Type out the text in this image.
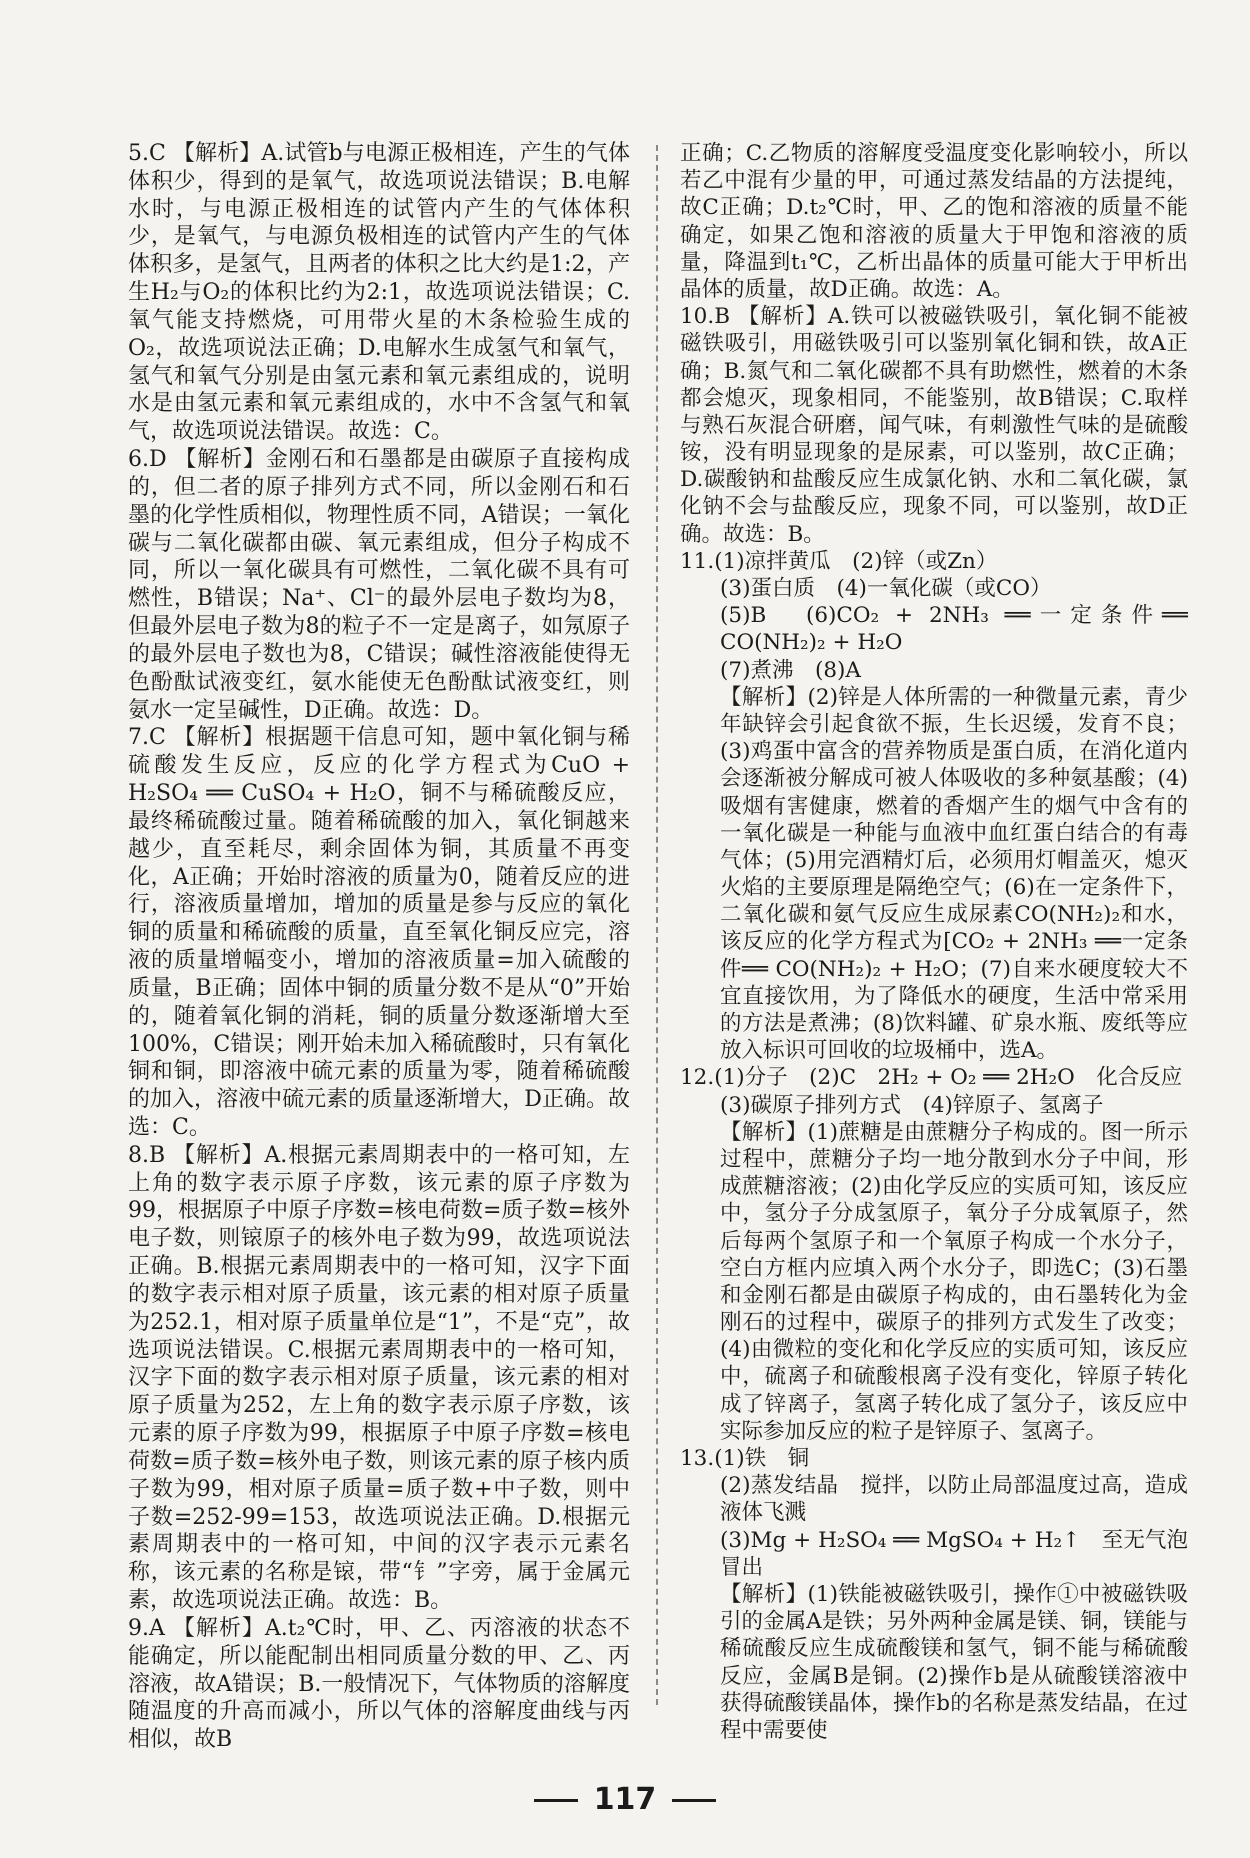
5.C 【解析】A.试管b与电源正极相连，产生的气体体积少，得到的是氧气，故选项说法错误；B.电解水时，与电源正极相连的试管内产生的气体体积少，是氧气，与电源负极相连的试管内产生的气体体积多，是氢气，且两者的体积之比大约是1:2，产生H₂与O₂的体积比约为2:1，故选项说法错误；C.氧气能支持燃烧，可用带火星的木条检验生成的O₂，故选项说法正确；D.电解水生成氢气和氧气，氢气和氧气分别是由氢元素和氧元素组成的，说明水是由氢元素和氧元素组成的，水中不含氢气和氧气，故选项说法错误。故选：C。

6.D 【解析】金刚石和石墨都是由碳原子直接构成的，但二者的原子排列方式不同，所以金刚石和石墨的化学性质相似，物理性质不同，A错误；一氧化碳与二氧化碳都由碳、氧元素组成，但分子构成不同，所以一氧化碳具有可燃性，二氧化碳不具有可燃性，B错误；Na⁺、Cl⁻的最外层电子数均为8，但最外层电子数为8的粒子不一定是离子，如氖原子的最外层电子数也为8，C错误；碱性溶液能使得无色酚酞试液变红，氨水能使无色酚酞试液变红，则氨水一定呈碱性，D正确。故选：D。

7.C 【解析】根据题干信息可知，题中氧化铜与稀硫酸发生反应，反应的化学方程式为CuO + H₂SO₄ ══ CuSO₄ + H₂O，铜不与稀硫酸反应，最终稀硫酸过量。随着稀硫酸的加入，氧化铜越来越少，直至耗尽，剩余固体为铜，其质量不再变化，A正确；开始时溶液的质量为0，随着反应的进行，溶液质量增加，增加的质量是参与反应的氧化铜的质量和稀硫酸的质量，直至氧化铜反应完，溶液的质量增幅变小，增加的溶液质量=加入硫酸的质量，B正确；固体中铜的质量分数不是从“0”开始的，随着氧化铜的消耗，铜的质量分数逐渐增大至100%，C错误；刚开始未加入稀硫酸时，只有氧化铜和铜，即溶液中硫元素的质量为零，随着稀硫酸的加入，溶液中硫元素的质量逐渐增大，D正确。故选：C。

8.B 【解析】A.根据元素周期表中的一格可知，左上角的数字表示原子序数，该元素的原子序数为99，根据原子中原子序数=核电荷数=质子数=核外电子数，则锿原子的核外电子数为99，故选项说法正确。B.根据元素周期表中的一格可知，汉字下面的数字表示相对原子质量，该元素的相对原子质量为252.1，相对原子质量单位是“1”，不是“克”，故选项说法错误。C.根据元素周期表中的一格可知，汉字下面的数字表示相对原子质量，该元素的相对原子质量为252，左上角的数字表示原子序数，该元素的原子序数为99，根据原子中原子序数=核电荷数=质子数=核外电子数，则该元素的原子核内质子数为99，相对原子质量=质子数+中子数，则中子数=252-99=153，故选项说法正确。D.根据元素周期表中的一格可知，中间的汉字表示元素名称，该元素的名称是锿，带“钅”字旁，属于金属元素，故选项说法正确。故选：B。

9.A 【解析】A.t₂℃时，甲、乙、丙溶液的状态不能确定，所以能配制出相同质量分数的甲、乙、丙溶液，故A错误；B.一般情况下，气体物质的溶解度随温度的升高而减小，所以气体的溶解度曲线与丙相似，故B

正确；C.乙物质的溶解度受温度变化影响较小，所以若乙中混有少量的甲，可通过蒸发结晶的方法提纯，故C正确；D.t₂℃时，甲、乙的饱和溶液的质量不能确定，如果乙饱和溶液的质量大于甲饱和溶液的质量，降温到t₁℃，乙析出晶体的质量可能大于甲析出晶体的质量，故D正确。故选：A。

10.B 【解析】A.铁可以被磁铁吸引，氧化铜不能被磁铁吸引，用磁铁吸引可以鉴别氧化铜和铁，故A正确；B.氮气和二氧化碳都不具有助燃性，燃着的木条都会熄灭，现象相同，不能鉴别，故B错误；C.取样与熟石灰混合研磨，闻气味，有刺激性气味的是硫酸铵，没有明显现象的是尿素，可以鉴别，故C正确；D.碳酸钠和盐酸反应生成氯化钠、水和二氧化碳，氯化钠不会与盐酸反应，现象不同，可以鉴别，故D正确。故选：B。

11.(1)凉拌黄瓜　(2)锌（或Zn）

(3)蛋白质　(4)一氧化碳（或CO）

(5)B　(6)CO₂ + 2NH₃ ══一定条件══ CO(NH₂)₂ + H₂O

(7)煮沸　(8)A

【解析】(2)锌是人体所需的一种微量元素，青少年缺锌会引起食欲不振，生长迟缓，发育不良；(3)鸡蛋中富含的营养物质是蛋白质，在消化道内会逐渐被分解成可被人体吸收的多种氨基酸；(4)吸烟有害健康，燃着的香烟产生的烟气中含有的一氧化碳是一种能与血液中血红蛋白结合的有毒气体；(5)用完酒精灯后，必须用灯帽盖灭，熄灭火焰的主要原理是隔绝空气；(6)在一定条件下，二氧化碳和氨气反应生成尿素CO(NH₂)₂和水，该反应的化学方程式为[CO₂ + 2NH₃ ══一定条件══ CO(NH₂)₂ + H₂O；(7)自来水硬度较大不宜直接饮用，为了降低水的硬度，生活中常采用的方法是煮沸；(8)饮料罐、矿泉水瓶、废纸等应放入标识可回收的垃圾桶中，选A。

12.(1)分子　(2)C　2H₂ + O₂ ══ 2H₂O　化合反应

(3)碳原子排列方式　(4)锌原子、氢离子

【解析】(1)蔗糖是由蔗糖分子构成的。图一所示过程中，蔗糖分子均一地分散到水分子中间，形成蔗糖溶液；(2)由化学反应的实质可知，该反应中，氢分子分成氢原子，氧分子分成氧原子，然后每两个氢原子和一个氧原子构成一个水分子，空白方框内应填入两个水分子，即选C；(3)石墨和金刚石都是由碳原子构成的，由石墨转化为金刚石的过程中，碳原子的排列方式发生了改变；(4)由微粒的变化和化学反应的实质可知，该反应中，硫离子和硫酸根离子没有变化，锌原子转化成了锌离子，氢离子转化成了氢分子，该反应中实际参加反应的粒子是锌原子、氢离子。

13.(1)铁　铜

(2)蒸发结晶　搅拌，以防止局部温度过高，造成液体飞溅

(3)Mg + H₂SO₄ ══ MgSO₄ + H₂↑　至无气泡冒出

【解析】(1)铁能被磁铁吸引，操作①中被磁铁吸引的金属A是铁；另外两种金属是镁、铜，镁能与稀硫酸反应生成硫酸镁和氢气，铜不能与稀硫酸反应，金属B是铜。(2)操作b是从硫酸镁溶液中获得硫酸镁晶体，操作b的名称是蒸发结晶，在过程中需要使

117
